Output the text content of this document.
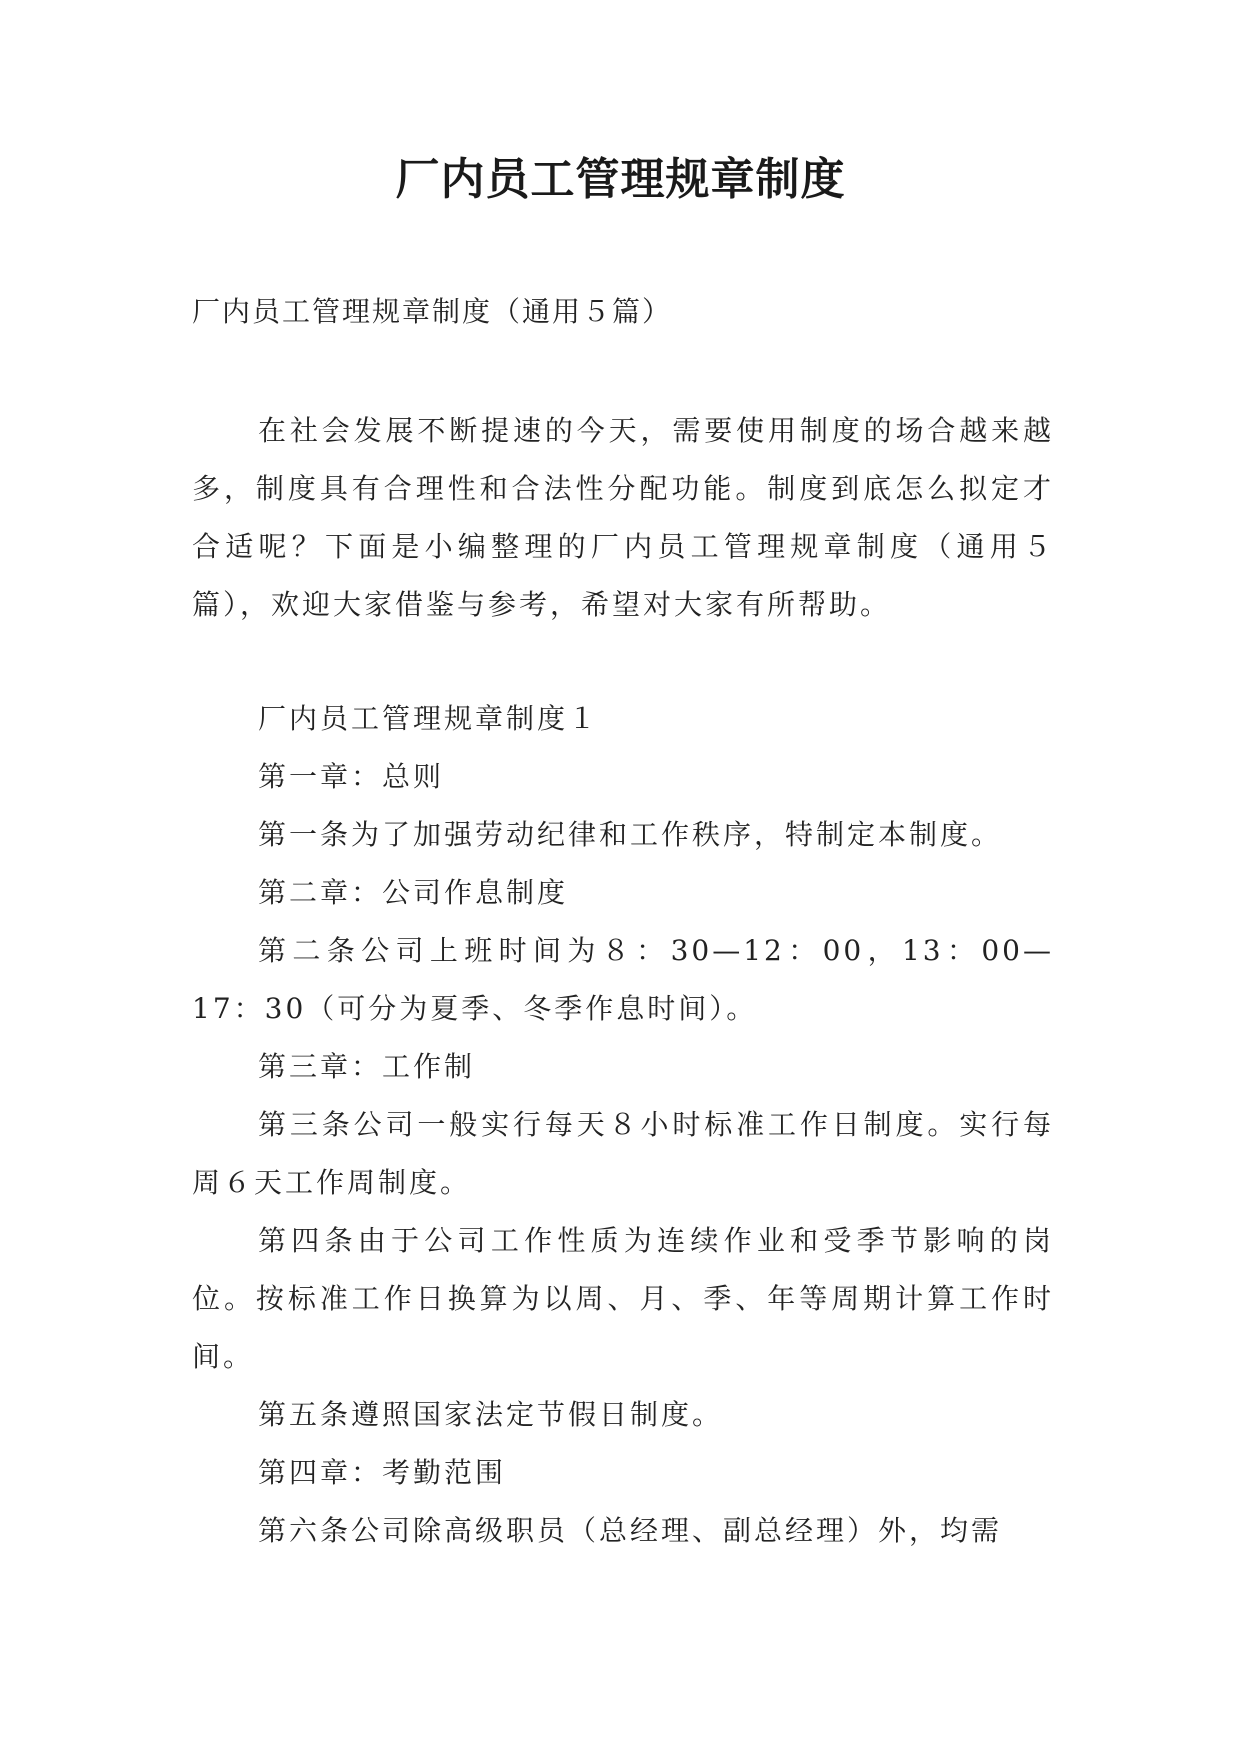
厂内员工管理规章制度

厂内员工管理规章制度（通用５篇）

在社会发展不断提速的今天，需要使用制度的场合越来越多，制度具有合理性和合法性分配功能。制度到底怎么拟定才合适呢？下面是小编整理的厂内员工管理规章制度（通用５篇），欢迎大家借鉴与参考，希望对大家有所帮助。

厂内员工管理规章制度１

第一章：总则

第一条为了加强劳动纪律和工作秩序，特制定本制度。

第二章：公司作息制度

第二条公司上班时间为８：30—12：00，13：00—17：30（可分为夏季、冬季作息时间）。

第三章：工作制

第三条公司一般实行每天８小时标准工作日制度。实行每周６天工作周制度。

第四条由于公司工作性质为连续作业和受季节影响的岗位。按标准工作日换算为以周、月、季、年等周期计算工作时间。

第五条遵照国家法定节假日制度。

第四章：考勤范围

第六条公司除高级职员（总经理、副总经理）外，均需
